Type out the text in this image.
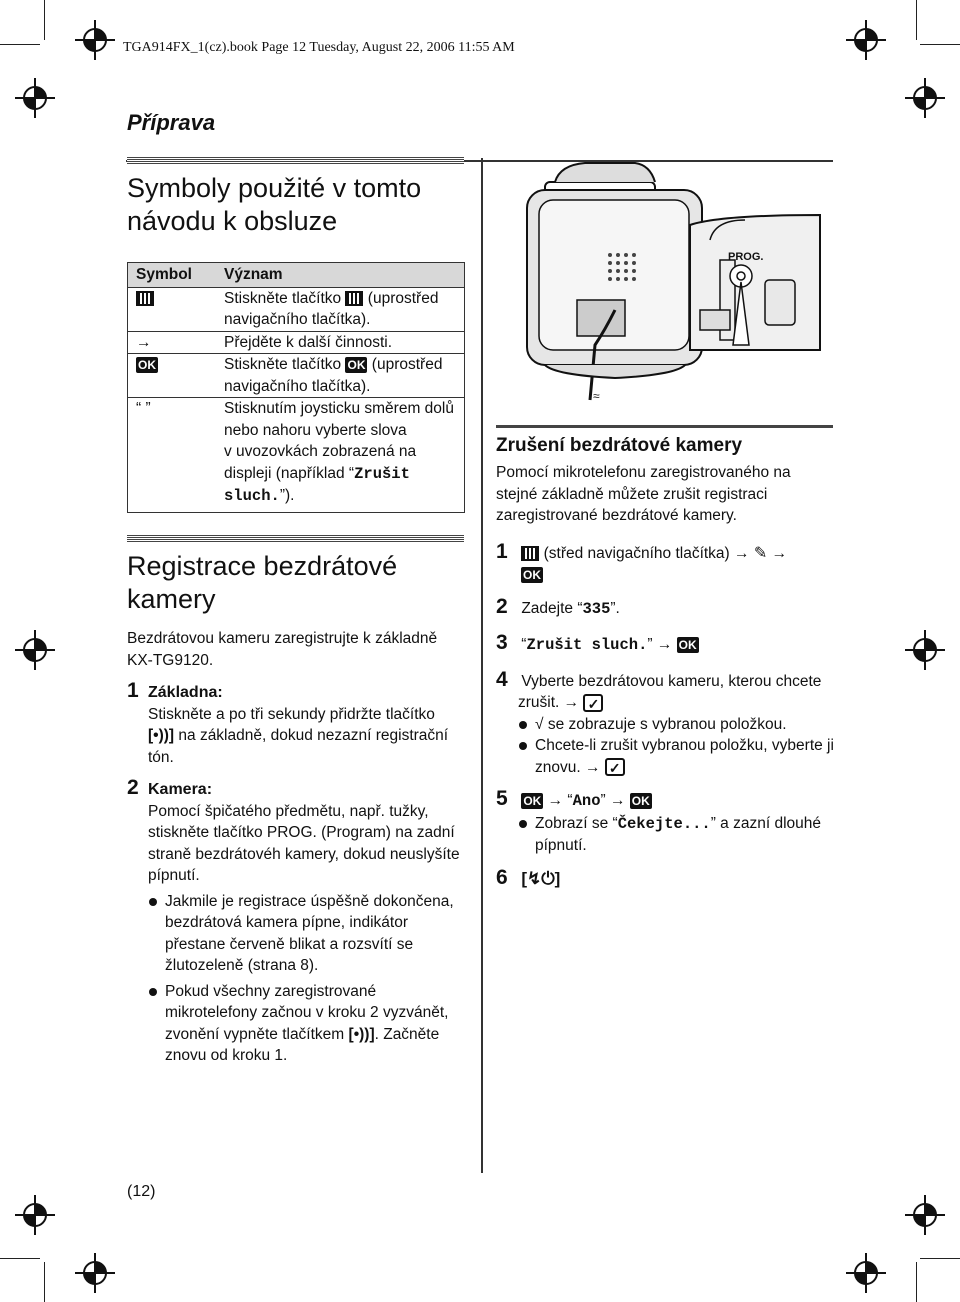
TGA914FX_1(cz).book Page 12 Tuesday, August 22, 2006 11:55 AM
Příprava
Symboly použité v tomto
návodu k obsluze
Symbol	Význam
	Stiskněte tlačítko (uprostřed
navigačního tlačítka).
→	Přejděte k další činnosti.
OK	Stiskněte tlačítko OK (uprostřed
navigačního tlačítka).
“ ”	Stisknutím joysticku směrem dolů
nebo nahoru vyberte slova
v uvozovkách zobrazená na
displeji (například “Zrušit
sluch.”).
Registrace bezdrátové
kamery

Bezdrátovou kameru zaregistrujte k základně

KX-TG9120.

1 Základna:

Stiskněte a po tři sekundy přidržte tlačítko

[•))] na základně, dokud nezazní registrační

tón.

2 Kamera:

Pomocí špičatého předmětu, např. tužky,

stiskněte tlačítko PROG. (Program) na zadní

straně bezdrátovéh kamery, dokud neuslyšíte

pípnutí.

Jakmile je registrace úspěšně dokončena,

bezdrátová kamera pípne, indikátor

přestane červeně blikat a rozsvítí se

žlutozeleně (strana 8).

Pokud všechny zaregistrované

mikrotelefony začnou v kroku 2 vyzvánět,

zvonění vypněte tlačítkem [•))]. Začněte

znovu od kroku 1.

≈
PROG.
Zrušení bezdrátové kamery

Pomocí mikrotelefonu zaregistrovaného na

stejné základně můžete zrušit registraci

zaregistrované bezdrátové kamery.

1 (střed navigačního tlačítka) → ✎ →

OK

2 Zadejte “335”.

3 “Zrušit sluch.” → OK

4 Vyberte bezdrátovou kameru, kterou chcete

zrušit. → ✓

√ se zobrazuje s vybranou položkou.

Chcete-li zrušit vybranou položku, vyberte ji

znovu. → ✓

5 OK → “Ano” → OK

Zobrazí se “Čekejte...” a zazní dlouhé

pípnutí.

6 [↯⏻]

(12)
